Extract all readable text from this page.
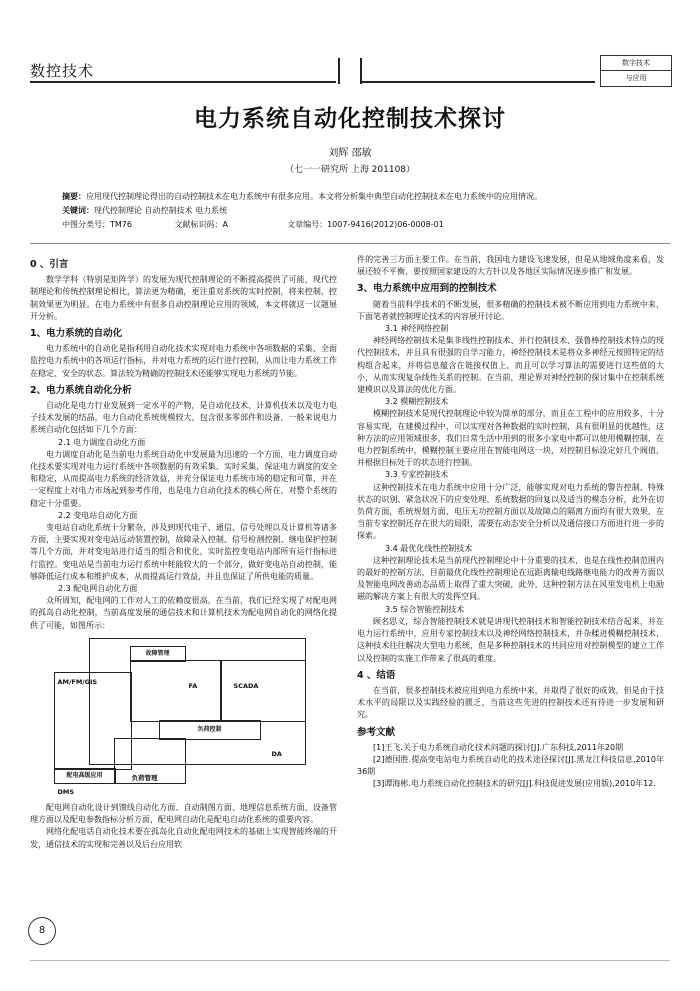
数控技术	数字技术
与应用
电力系统自动化控制技术探讨
刘辉 邵敏
（七一一研究所 上海 201108）
摘要：应用现代控制理论得出的自动控制技术在电力系统中有很多应用。本文将分析集中典型自动化控制技术在电力系统中的应用情况。
关键词：现代控制理论 自动控制技术 电力系统
中图分类号：TM76	文献标识码：A	文章编号：1007-9416(2012)06-0008-01
0 、引言

数学学科（特别是矩阵学）的发展为现代控制理论的不断提高提供了可能，现代控制理论和传统控制理论相比，算法更为精确，更注重对系统的实时控制，将来控制，控制效果更为明显。在电力系统中有很多自动控制理论应用的领域，本文将就这一议题展开分析。

1、电力系统的自动化

电力系统中的自动化是指利用自动化技术实现对电力系统中各项数据的采集、全面监控电力系统中的各项运行指标，并对电力系统的运行进行控制，从而让电力系统工作在稳定、安全的状态。算法较为精确的控制技术还能够实现电力系统的节能。

2、电力系统自动化分析

自动化是电力行业发展到一定水平的产物，是自动化技术、计算机技术以及电力电子技术发展的结晶，电力自动化系统规模较大，包含很多零部件和设备，一般来说电力系统自动化包括如下几个方面：

2.1 电力调度自动化方面

电力调度自动化是当前电力系统自动化中发展最为迅速的一个方面，电力调度自动化技术要实现对电力运行系统中各项数据的有效采集、实时采集，保证电力调度的安全和稳定，从而提高电力系统的经济效益，并充分保证电力系统市场的稳定和可靠，并在一定程度上对电力市场起到参考作用，也是电力自动化技术的核心所在，对整个系统的稳定十分重要。

2.2 变电站自动化方面

变电站自动化系统十分繁杂，涉及到现代电子、通信、信号处理以及计算机等诸多方面，主要实现对变电站远动装置控制，故障录入控制、信号检测控制、继电保护控制等几个方面，并对变电站进行适当的组合和优化，实时监控变电站内部所有运行指标进行监控。变电站是当前电力运行系统中耗能较大的一个部分，做好变电站自动控制，能够降低运行成本和维护成本，从而提高运行效益，并且也保证了所供电能的质量。

2.3 配电网自动化方面

众所周知，配电网的工作对人工的依赖度很高，在当前，我们已经实现了对配电网的孤岛自动化控制，当前高度发展的通信技术和计算机技术为配电网自动化的网络化提供了可能，如图所示：

故障管理
FA	SCADA
AM/FM/GIS
负荷控制
DA
配电高级应用	负荷管理
DMS

配电网自动化设计到馈线自动化方面、自动制图方面、地理信息系统方面、设备管理方面以及配电参数指标分析方面，配电网自动化是配电自动化系统的重要内容。

网络化配电话自动化技术要在孤岛化自动化配电网技术的基础上实现智能终端的开发，通信技术的实现和完善以及后台应用软

件的完善三方面主要工作。在当前，我国电力建设飞速发展，但是从地域角度来看，发展还较不平衡，要按照国家建设的大方针以及各地区实际情况逐步推广和发展。

3、电力系统中应用到的控制技术

随着当前科学技术的不断发展，很多精确的控制技术被不断应用到电力系统中来，下面笔者就控制理论技术的内容展开讨论。

3.1 神经网络控制

神经网络控制技术是集非线性控制技术、并行控制技术、强鲁棒控制技术特点的现代控制技术，并且具有很强的自学习能力，神经控制技术是将众多神经元按照特定的结构组合起来，并将信息蕴含在链接权值上，而且可以学习算法的需要进行这些值的大小，从而实现复杂线性关系的控制。在当前，理论界对神经控制的探讨集中在控制系统建模识以及算法的优化方面。

3.2 模糊控制技术

模糊控制技术是现代控制理论中较为简单的部分，而且在工程中的应用较多，十分容易实现，在建模过程中，可以实现对各种数据的实时控制，具有很明显的优越性，这种方法的应用领域很多，我们日常生活中用到的很多小家电中都可以使用模糊控制，在电力控制系统中，模糊控制主要应用在智能电网这一块，对控制目标设定好几个阀值，并根据目标处于的状态进行控制。

3.3 专家控制技术

这种控制技术在电力系统中应用十分广泛，能够实现对电力系统的警告控制、特殊状态的识别、紧急状况下的应变处理、系统数据的回复以及适当的模态分析，此外在切负荷方面，系统规划方面、电压无功控制方面以及故障点的隔离方面均有很大效果，在当前专家控制还存在很大的局限，需要在动态安全分析以及通信接口方面进行进一步的探索。

3.4 最优化线性控制技术

这种控制理论技术是当前现代控制理论中十分重要的技术，也是在线性控制范围内的最好的控制方法，目前最优化线性控制理论在远距离输电线路继电能力的改善方面以及智能电网改善动态品质上取得了重大突破，此外，这种控制方法在风里发电机上电励磁的解决方案上有很大的发挥空间。

3.5 综合智能控制技术

顾名思义，综合智能控制技术就是讲现代控制技术和智能控制技术结合起来，并在电力运行系统中，应用专家控制技术以及神经网络控制技术，并杂糅进模糊控制技术，这种技术往往解决大型电力系统，但是多种控制技术的共同应用对控制模型的建立工作以及控制的实施工作带来了很高的难度。

4 、结语

在当前，很多控制技术被应用到电力系统中来，并取得了很好的成效，但是由于技术水平的局限以及实践经验的匮乏，当前这些先进的控制技术还有待进一步发展和研究。

参考文献

[1]王飞.关于电力系统自动化技术问题的探讨[J].广东科技,2011年20期

[2]德国胜.提高变电站电力系统自动化的技术途径探讨[J].黑龙江科技信息,2010年36期

[3]谭海彬.电力系统自动化控制技术的研究[J].科技促进发展(应用版),2010年12.

8
